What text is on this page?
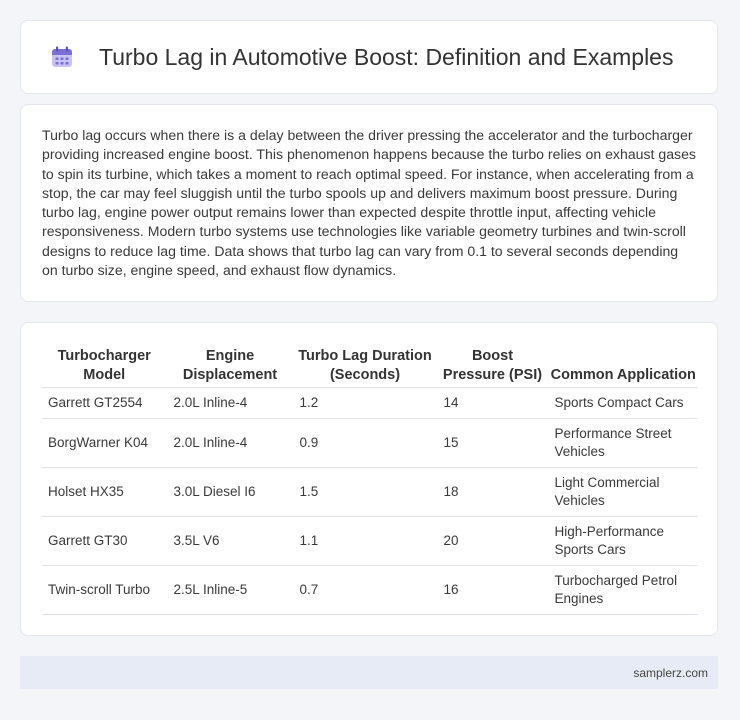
Turbo Lag in Automotive Boost: Definition and Examples

Turbo lag occurs when there is a delay between the driver pressing the accelerator and the turbocharger providing increased engine boost. This phenomenon happens because the turbo relies on exhaust gases to spin its turbine, which takes a moment to reach optimal speed. For instance, when accelerating from a stop, the car may feel sluggish until the turbo spools up and delivers maximum boost pressure. During turbo lag, engine power output remains lower than expected despite throttle input, affecting vehicle responsiveness. Modern turbo systems use technologies like variable geometry turbines and twin-scroll designs to reduce lag time. Data shows that turbo lag can vary from 0.1 to several seconds depending on turbo size, engine speed, and exhaust flow dynamics.

Turbocharger Model	Engine Displacement	Turbo Lag Duration (Seconds)	Boost Pressure (PSI)	Common Application
Garrett GT2554	2.0L Inline-4	1.2	14	Sports Compact Cars
BorgWarner K04	2.0L Inline-4	0.9	15	Performance Street Vehicles
Holset HX35	3.0L Diesel I6	1.5	18	Light Commercial Vehicles
Garrett GT30	3.5L V6	1.1	20	High-Performance Sports Cars
Twin-scroll Turbo	2.5L Inline-5	0.7	16	Turbocharged Petrol Engines
samplerz.com
